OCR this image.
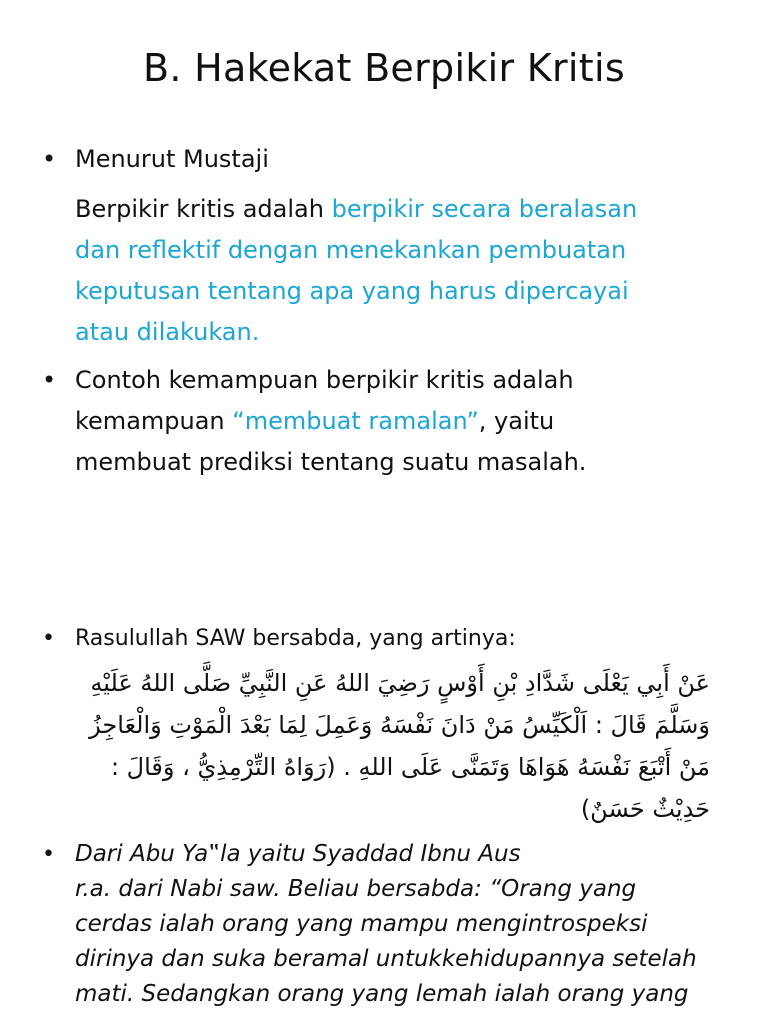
B. Hakekat Berpikir Kritis
• Menurut Mustaji
Berpikir kritis adalah berpikir secara beralasan
dan reflektif dengan menekankan pembuatan
keputusan tentang apa yang harus dipercayai
atau dilakukan.
• Contoh kemampuan berpikir kritis adalah
kemampuan “membuat ramalan”, yaitu
membuat prediksi tentang suatu masalah.
• Rasulullah SAW bersabda, yang artinya:
عَنْ أَبِي يَعْلَى شَدَّادِ بْنِ أَوْسٍ رَضِيَ اللهُ عَنِ النَّبِيِّ صَلَّى اللهُ عَلَيْهِ
وَسَلَّمَ قَالَ : اَلْكَيِّسُ مَنْ دَانَ نَفْسَهُ وَعَمِلَ لِمَا بَعْدَ الْمَوْتِ وَالْعَاجِزُ
مَنْ أَتْبَعَ نَفْسَهُ هَوَاهَا وَتَمَنَّى عَلَى اللهِ . (رَوَاهُ التِّرْمِذِيُّ ، وَقَالَ :
حَدِيْثٌ حَسَنٌ)
• Dari Abu Ya‟la yaitu Syaddad Ibnu Aus
r.a. dari Nabi saw. Beliau bersabda: “Orang yang
cerdas ialah orang yang mampu mengintrospeksi
dirinya dan suka beramal untukkehidupannya setelah
mati. Sedangkan orang yang lemah ialah orang yang
